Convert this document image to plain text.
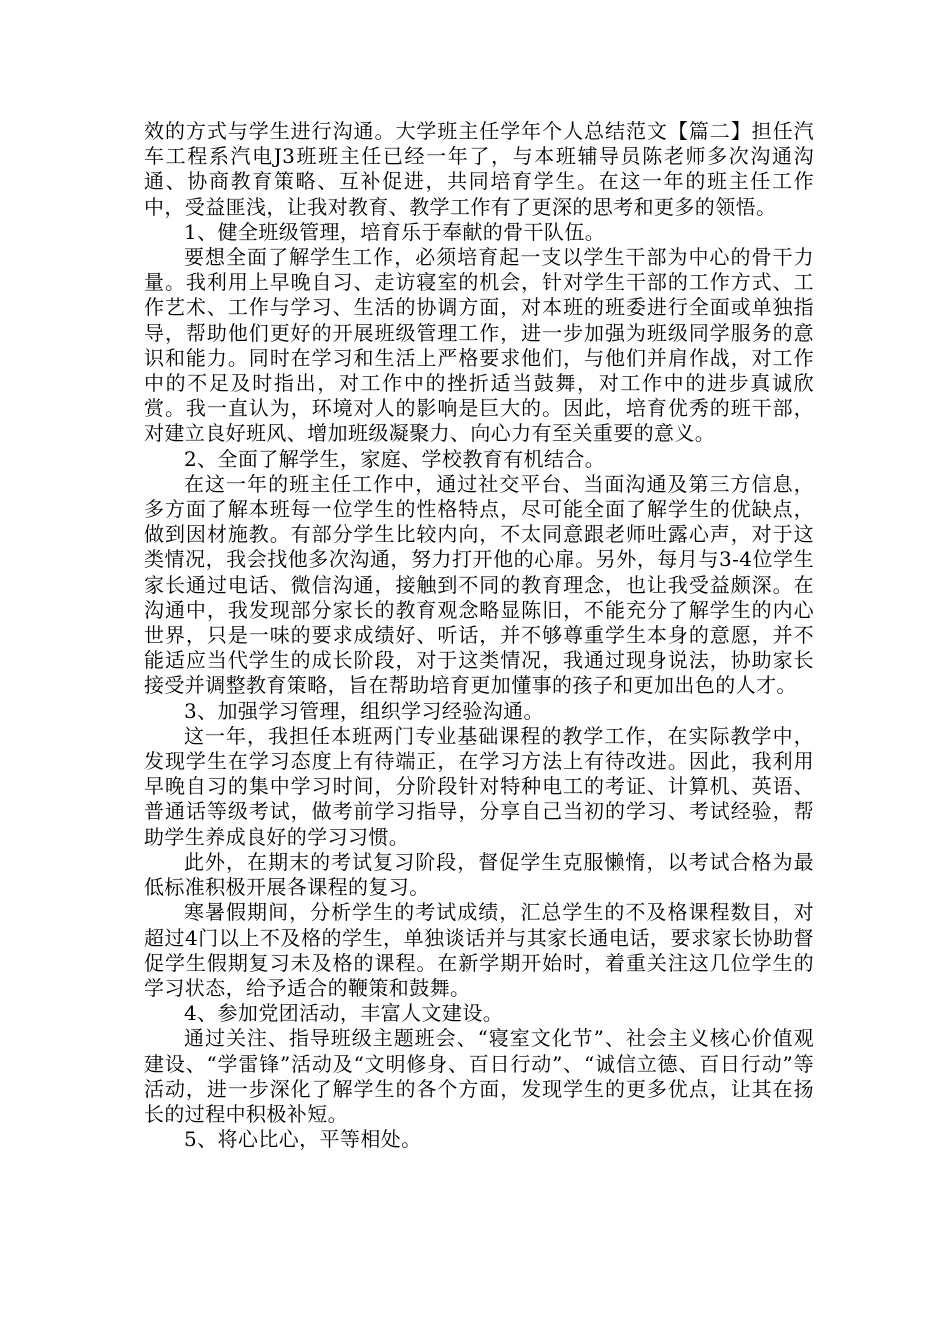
效的方式与学生进行沟通。大学班主任学年个人总结范文【篇二】担任汽车工程系汽电J3班班主任已经一年了，与本班辅导员陈老师多次沟通沟通、协商教育策略、互补促进，共同培育学生。在这一年的班主任工作中，受益匪浅，让我对教育、教学工作有了更深的思考和更多的领悟。

1、健全班级管理，培育乐于奉献的骨干队伍。

要想全面了解学生工作，必须培育起一支以学生干部为中心的骨干力量。我利用上早晚自习、走访寝室的机会，针对学生干部的工作方式、工作艺术、工作与学习、生活的协调方面，对本班的班委进行全面或单独指导，帮助他们更好的开展班级管理工作，进一步加强为班级同学服务的意识和能力。同时在学习和生活上严格要求他们，与他们并肩作战，对工作中的不足及时指出，对工作中的挫折适当鼓舞，对工作中的进步真诚欣赏。我一直认为，环境对人的影响是巨大的。因此，培育优秀的班干部，对建立良好班风、增加班级凝聚力、向心力有至关重要的意义。

2、全面了解学生，家庭、学校教育有机结合。

在这一年的班主任工作中，通过社交平台、当面沟通及第三方信息，多方面了解本班每一位学生的性格特点，尽可能全面了解学生的优缺点，做到因材施教。有部分学生比较内向，不太同意跟老师吐露心声，对于这类情况，我会找他多次沟通，努力打开他的心扉。另外，每月与3-4位学生家长通过电话、微信沟通，接触到不同的教育理念，也让我受益颇深。在沟通中，我发现部分家长的教育观念略显陈旧，不能充分了解学生的内心世界，只是一味的要求成绩好、听话，并不够尊重学生本身的意愿，并不能适应当代学生的成长阶段，对于这类情况，我通过现身说法，协助家长接受并调整教育策略，旨在帮助培育更加懂事的孩子和更加出色的人才。

3、加强学习管理，组织学习经验沟通。

这一年，我担任本班两门专业基础课程的教学工作，在实际教学中，发现学生在学习态度上有待端正，在学习方法上有待改进。因此，我利用早晚自习的集中学习时间，分阶段针对特种电工的考证、计算机、英语、普通话等级考试，做考前学习指导，分享自己当初的学习、考试经验，帮助学生养成良好的学习习惯。

此外，在期末的考试复习阶段，督促学生克服懒惰，以考试合格为最低标准积极开展各课程的复习。

寒暑假期间，分析学生的考试成绩，汇总学生的不及格课程数目，对超过4门以上不及格的学生，单独谈话并与其家长通电话，要求家长协助督促学生假期复习未及格的课程。在新学期开始时，着重关注这几位学生的学习状态，给予适合的鞭策和鼓舞。

4、参加党团活动，丰富人文建设。

通过关注、指导班级主题班会、“寝室文化节”、社会主义核心价值观建设、“学雷锋”活动及“文明修身、百日行动”、“诚信立德、百日行动”等活动，进一步深化了解学生的各个方面，发现学生的更多优点，让其在扬长的过程中积极补短。

5、将心比心，平等相处。
